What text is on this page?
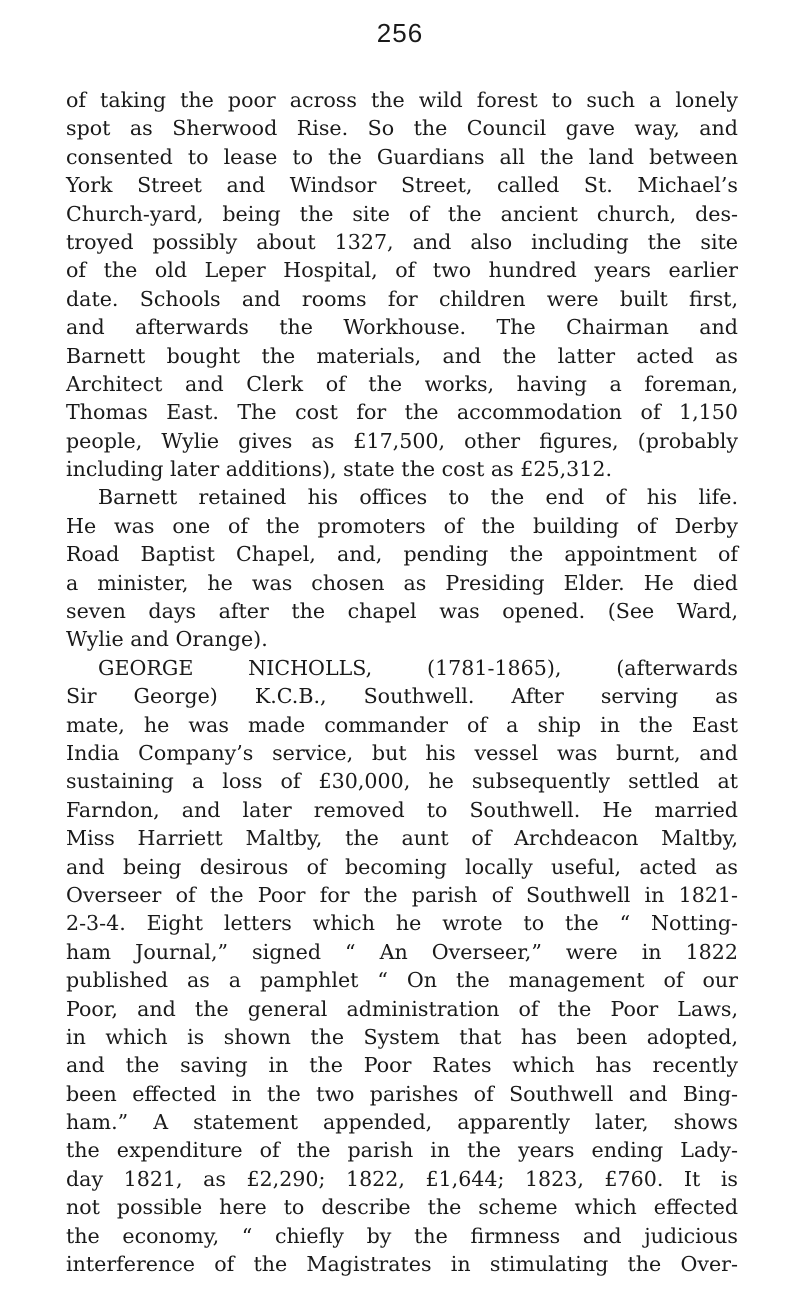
256
of taking the poor across the wild forest to such a lonely
spot as Sherwood Rise. So the Council gave way, and
consented to lease to the Guardians all the land between
York Street and Windsor Street, called St. Michael’s
Church-yard, being the site of the ancient church, des-
troyed possibly about 1327, and also including the site
of the old Leper Hospital, of two hundred years earlier
date. Schools and rooms for children were built first,
and afterwards the Workhouse. The Chairman and
Barnett bought the materials, and the latter acted as
Architect and Clerk of the works, having a foreman,
Thomas East. The cost for the accommodation of 1,150
people, Wylie gives as £17,500, other figures, (probably
including later additions), state the cost as £25,312.
Barnett retained his offices to the end of his life.
He was one of the promoters of the building of Derby
Road Baptist Chapel, and, pending the appointment of
a minister, he was chosen as Presiding Elder. He died
seven days after the chapel was opened. (See Ward,
Wylie and Orange).
GEORGE NICHOLLS, (1781-1865), (afterwards
Sir George) K.C.B., Southwell. After serving as
mate, he was made commander of a ship in the East
India Company’s service, but his vessel was burnt, and
sustaining a loss of £30,000, he subsequently settled at
Farndon, and later removed to Southwell. He married
Miss Harriett Maltby, the aunt of Archdeacon Maltby,
and being desirous of becoming locally useful, acted as
Overseer of the Poor for the parish of Southwell in 1821-
2-3-4. Eight letters which he wrote to the “ Notting-
ham Journal,” signed “ An Overseer,” were in 1822
published as a pamphlet “ On the management of our
Poor, and the general administration of the Poor Laws,
in which is shown the System that has been adopted,
and the saving in the Poor Rates which has recently
been effected in the two parishes of Southwell and Bing-
ham.” A statement appended, apparently later, shows
the expenditure of the parish in the years ending Lady-
day 1821, as £2,290; 1822, £1,644; 1823, £760. It is
not possible here to describe the scheme which effected
the economy, “ chiefly by the firmness and judicious
interference of the Magistrates in stimulating the Over-
